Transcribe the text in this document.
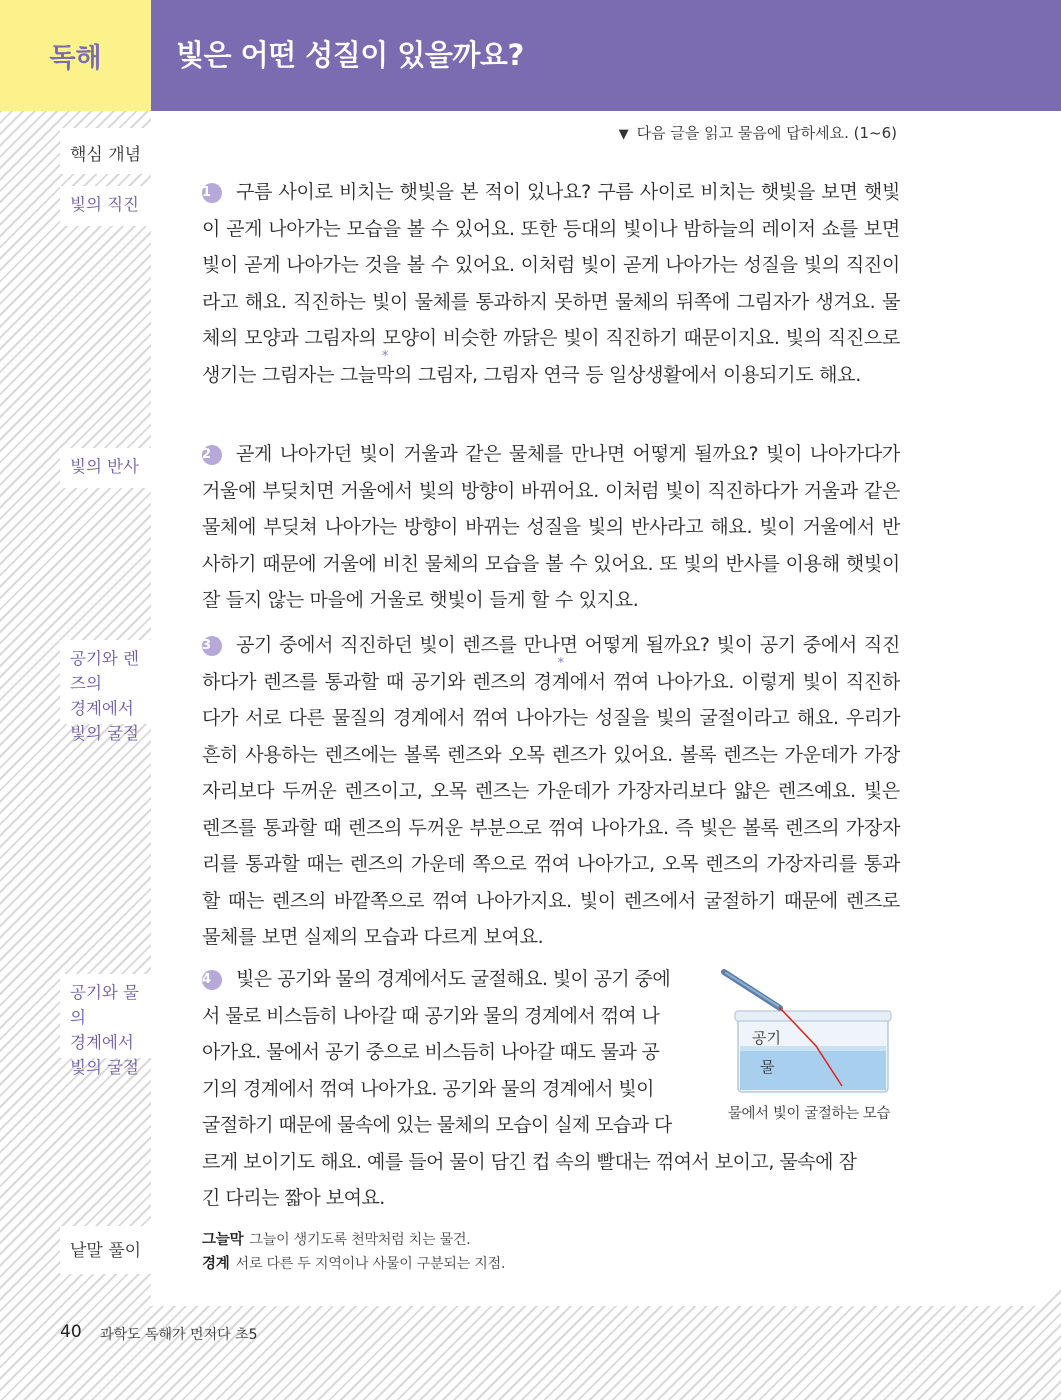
독해	빛은 어떤 성질이 있을까요?
핵심 개념
빛의 직진
빛의 반사
공기와 렌즈의
경계에서
빛의 굴절
공기와 물의
경계에서
빛의 굴절
낱말 풀이
▼ 다음 글을 읽고 물음에 답하세요. (1~6)
1 구름 사이로 비치는 햇빛을 본 적이 있나요? 구름 사이로 비치는 햇빛을 보면 햇빛이 곧게 나아가는 모습을 볼 수 있어요. 또한 등대의 빛이나 밤하늘의 레이저 쇼를 보면 빛이 곧게 나아가는 것을 볼 수 있어요. 이처럼 빛이 곧게 나아가는 성질을 빛의 직진이라고 해요. 직진하는 빛이 물체를 통과하지 못하면 물체의 뒤쪽에 그림자가 생겨요. 물체의 모양과 그림자의 모양이 비슷한 까닭은 빛이 직진하기 때문이지요. 빛의 직진으로 생기는 그림자는 그늘* 막의 그림자, 그림자 연극 등 일상생활에서 이용되기도 해요.
2 곧게 나아가던 빛이 거울과 같은 물체를 만나면 어떻게 될까요? 빛이 나아가다가 거울에 부딪치면 거울에서 빛의 방향이 바뀌어요. 이처럼 빛이 직진하다가 거울과 같은 물체에 부딪쳐 나아가는 방향이 바뀌는 성질을 빛의 반사라고 해요. 빛이 거울에서 반사하기 때문에 거울에 비친 물체의 모습을 볼 수 있어요. 또 빛의 반사를 이용해 햇빛이 잘 들지 않는 마을에 거울로 햇빛이 들게 할 수 있지요.
3 공기 중에서 직진하던 빛이 렌즈를 만나면 어떻게 될까요? 빛이 공기 중에서 직진하다가 렌즈를 통과할 때 공기와 렌즈의 경* 계에서 꺾여 나아가요. 이렇게 빛이 직진하다가 서로 다른 물질의 경계에서 꺾여 나아가는 성질을 빛의 굴절이라고 해요. 우리가 흔히 사용하는 렌즈에는 볼록 렌즈와 오목 렌즈가 있어요. 볼록 렌즈는 가운데가 가장자리보다 두꺼운 렌즈이고, 오목 렌즈는 가운데가 가장자리보다 얇은 렌즈예요. 빛은 렌즈를 통과할 때 렌즈의 두꺼운 부분으로 꺾여 나아가요. 즉 빛은 볼록 렌즈의 가장자리를 통과할 때는 렌즈의 가운데 쪽으로 꺾여 나아가고, 오목 렌즈의 가장자리를 통과할 때는 렌즈의 바깥쪽으로 꺾여 나아가지요. 빛이 렌즈에서 굴절하기 때문에 렌즈로 물체를 보면 실제의 모습과 다르게 보여요.
4 빛은 공기와 물의 경계에서도 굴절해요. 빛이 공기 중에
서 물로 비스듬히 나아갈 때 공기와 물의 경계에서 꺾여 나
아가요. 물에서 공기 중으로 비스듬히 나아갈 때도 물과 공
기의 경계에서 꺾여 나아가요. 공기와 물의 경계에서 빛이
굴절하기 때문에 물속에 있는 물체의 모습이 실제 모습과 다
르게 보이기도 해요. 예를 들어 물이 담긴 컵 속의 빨대는 꺾여서 보이고, 물속에 잠
긴 다리는 짧아 보여요.
공기
물
물에서 빛이 굴절하는 모습
그늘막 그늘이 생기도록 천막처럼 치는 물건.
경계 서로 다른 두 지역이나 사물이 구분되는 지점.
40 과학도 독해가 먼저다 초5
